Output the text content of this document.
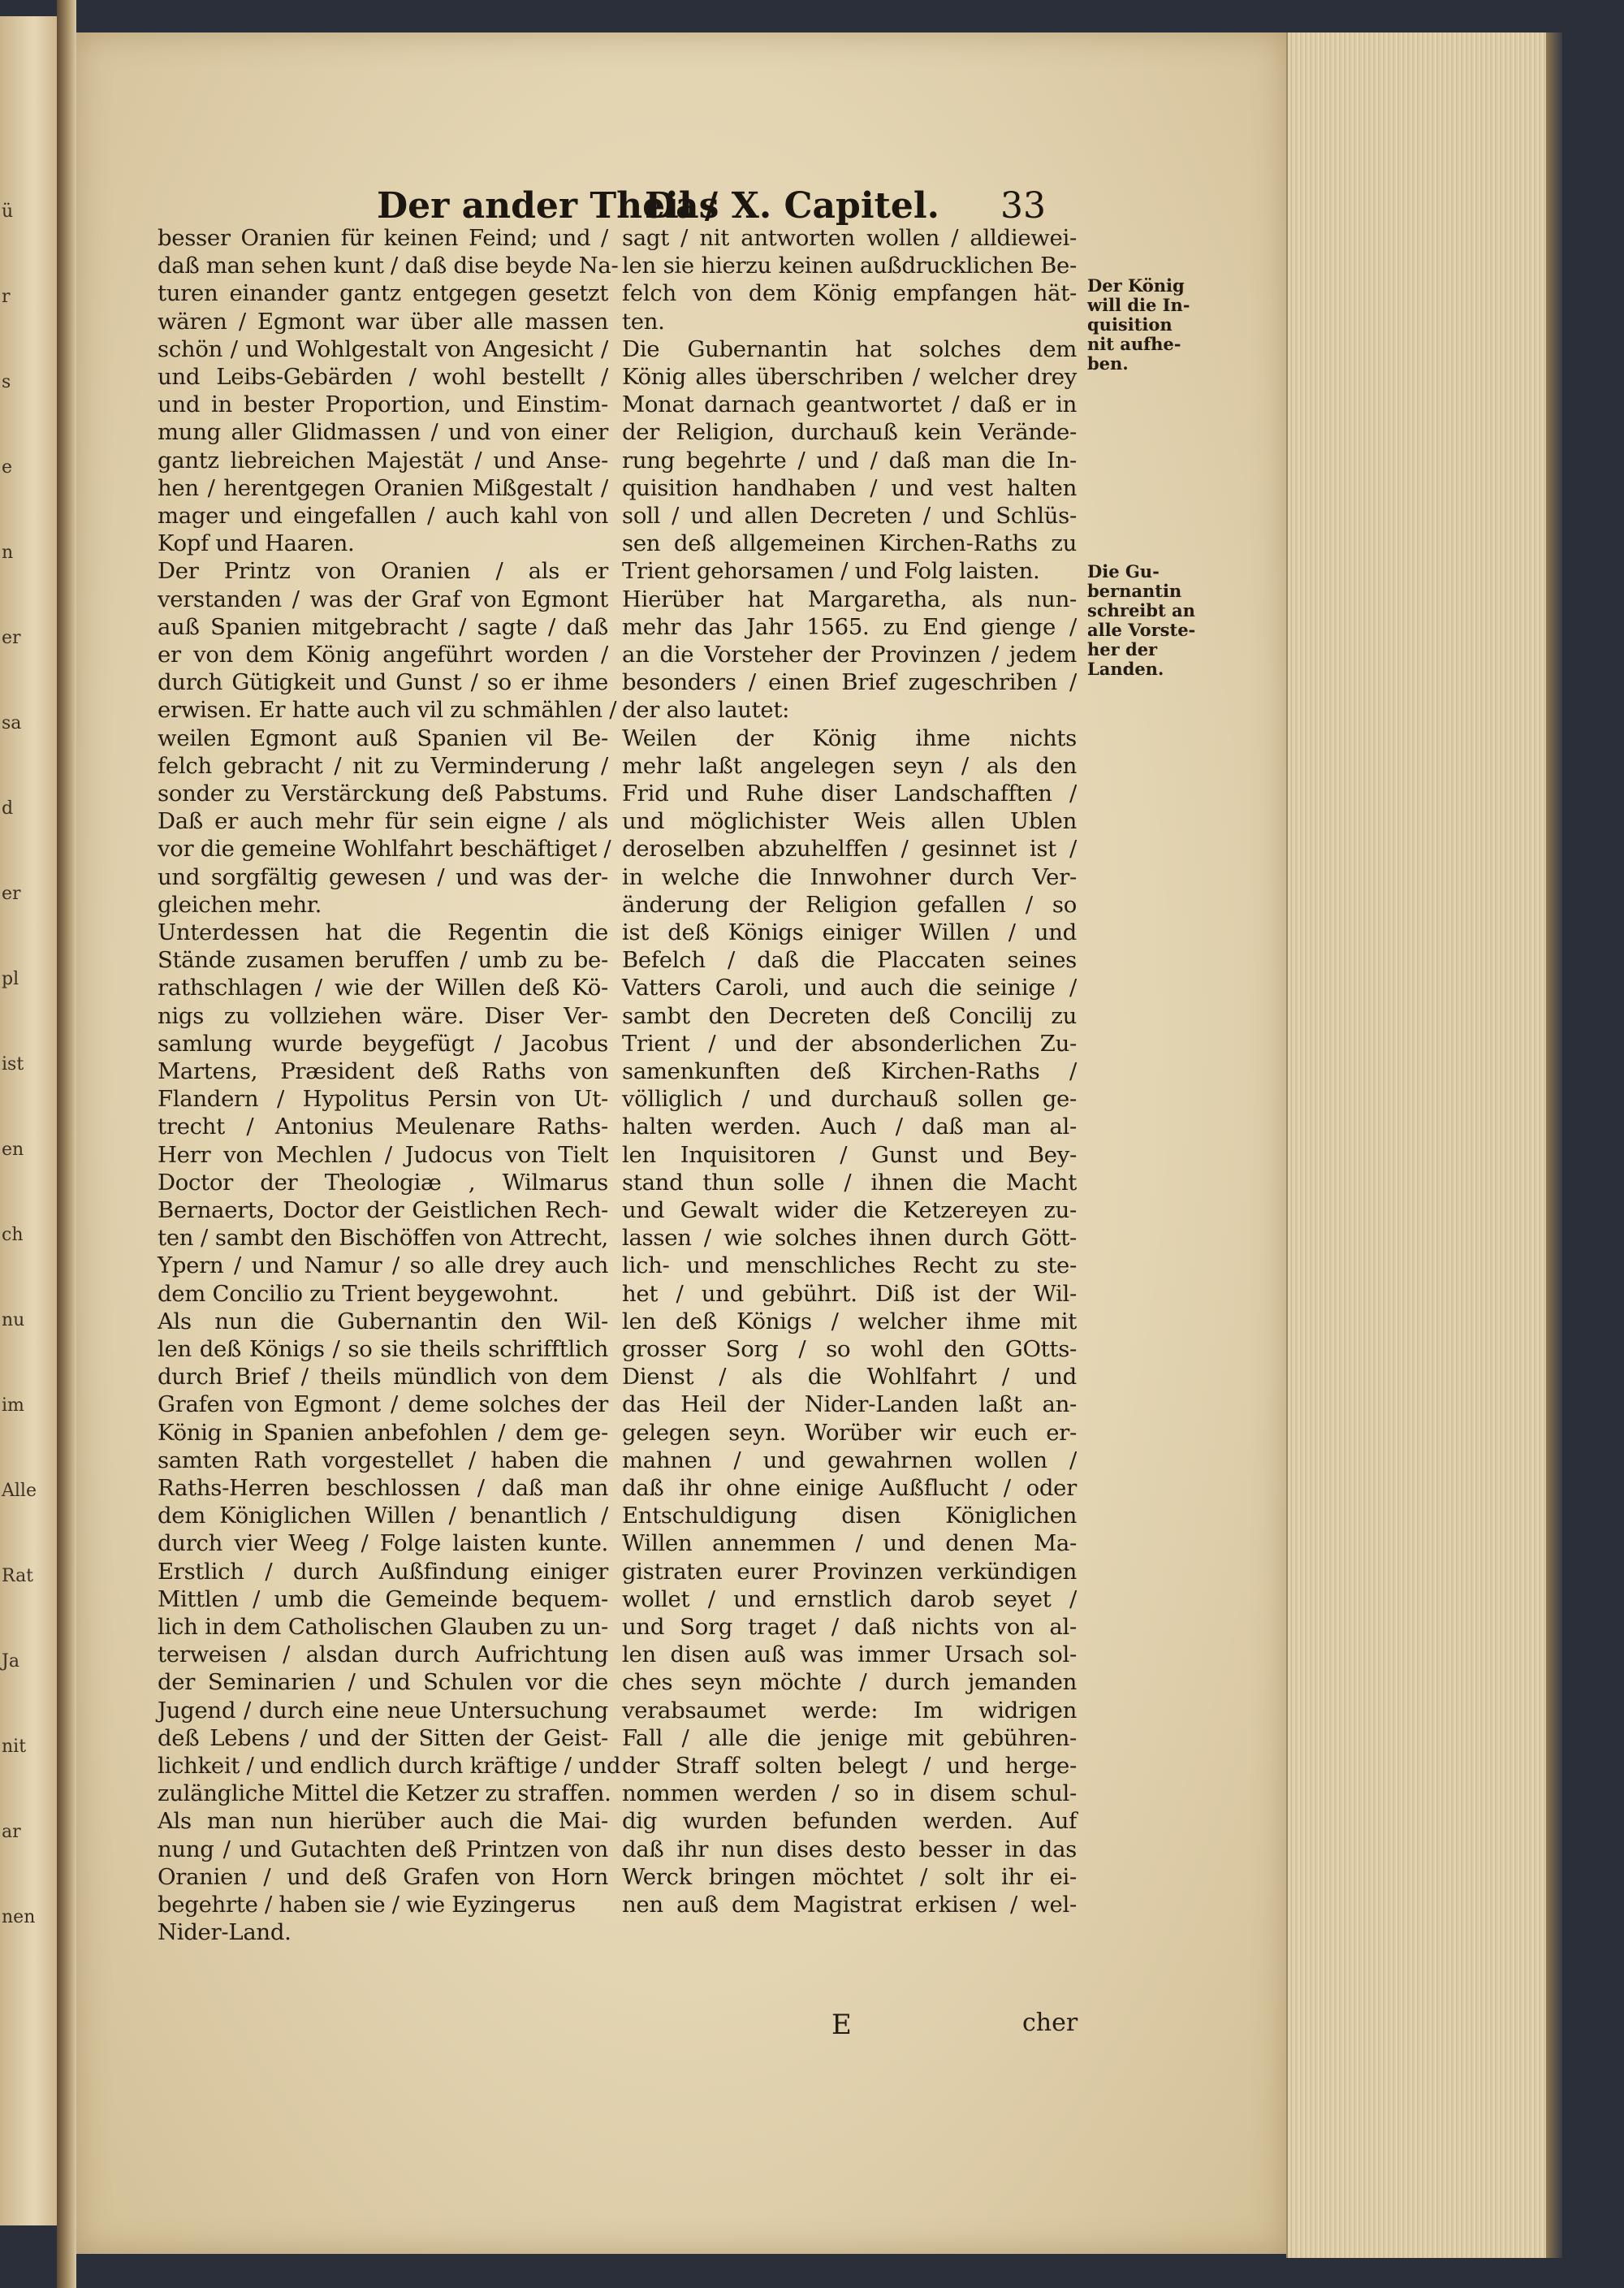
ü
r
s
e
n
er
sa
d
er
pl
ist
en
ch
nu
im
Alle
Rat
Ja
nit
ar
nen
Der ander Theil /
Das X. Capitel. 33
besser Oranien für keinen Feind; und /
daß man sehen kunt / daß dise beyde Na-
turen einander gantz entgegen gesetzt
wären / Egmont war über alle massen
schön / und Wohlgestalt von Angesicht /
und Leibs-Gebärden / wohl bestellt /
und in bester Proportion, und Einstim-
mung aller Glidmassen / und von einer
gantz liebreichen Majestät / und Anse-
hen / herentgegen Oranien Mißgestalt /
mager und eingefallen / auch kahl von
Kopf und Haaren.
Der Printz von Oranien / als er
verstanden / was der Graf von Egmont
auß Spanien mitgebracht / sagte / daß
er von dem König angeführt worden /
durch Gütigkeit und Gunst / so er ihme
erwisen. Er hatte auch vil zu schmählen /
weilen Egmont auß Spanien vil Be-
felch gebracht / nit zu Verminderung /
sonder zu Verstärckung deß Pabstums.
Daß er auch mehr für sein eigne / als
vor die gemeine Wohlfahrt beschäftiget /
und sorgfältig gewesen / und was der-
gleichen mehr.
Unterdessen hat die Regentin die
Stände zusamen beruffen / umb zu be-
rathschlagen / wie der Willen deß Kö-
nigs zu vollziehen wäre. Diser Ver-
samlung wurde beygefügt / Jacobus
Martens, Præsident deß Raths von
Flandern / Hypolitus Persin von Ut-
trecht / Antonius Meulenare Raths-
Herr von Mechlen / Judocus von Tielt
Doctor der Theologiæ , Wilmarus
Bernaerts, Doctor der Geistlichen Rech-
ten / sambt den Bischöffen von Attrecht,
Ypern / und Namur / so alle drey auch
dem Concilio zu Trient beygewohnt.
Als nun die Gubernantin den Wil-
len deß Königs / so sie theils schrifftlich
durch Brief / theils mündlich von dem
Grafen von Egmont / deme solches der
König in Spanien anbefohlen / dem ge-
samten Rath vorgestellet / haben die
Raths-Herren beschlossen / daß man
dem Königlichen Willen / benantlich /
durch vier Weeg / Folge laisten kunte.
Erstlich / durch Außfindung einiger
Mittlen / umb die Gemeinde bequem-
lich in dem Catholischen Glauben zu un-
terweisen / alsdan durch Aufrichtung
der Seminarien / und Schulen vor die
Jugend / durch eine neue Untersuchung
deß Lebens / und der Sitten der Geist-
lichkeit / und endlich durch kräftige / und
zulängliche Mittel die Ketzer zu straffen.
Als man nun hierüber auch die Mai-
nung / und Gutachten deß Printzen von
Oranien / und deß Grafen von Horn
begehrte / haben sie / wie Eyzingerus
Nider-Land.
sagt / nit antworten wollen / alldiewei-
len sie hierzu keinen außdrucklichen Be-
felch von dem König empfangen hät-
ten.
Die Gubernantin hat solches dem
König alles überschriben / welcher drey
Monat darnach geantwortet / daß er in
der Religion, durchauß kein Verände-
rung begehrte / und / daß man die In-
quisition handhaben / und vest halten
soll / und allen Decreten / und Schlüs-
sen deß allgemeinen Kirchen-Raths zu
Trient gehorsamen / und Folg laisten.
Hierüber hat Margaretha, als nun-
mehr das Jahr 1565. zu End gienge /
an die Vorsteher der Provinzen / jedem
besonders / einen Brief zugeschriben /
der also lautet:
Weilen der König ihme nichts
mehr laßt angelegen seyn / als den
Frid und Ruhe diser Landschafften /
und möglichister Weis allen Ublen
deroselben abzuhelffen / gesinnet ist /
in welche die Innwohner durch Ver-
änderung der Religion gefallen / so
ist deß Königs einiger Willen / und
Befelch / daß die Placcaten seines
Vatters Caroli, und auch die seinige /
sambt den Decreten deß Concilij zu
Trient / und der absonderlichen Zu-
samenkunften deß Kirchen-Raths /
völliglich / und durchauß sollen ge-
halten werden. Auch / daß man al-
len Inquisitoren / Gunst und Bey-
stand thun solle / ihnen die Macht
und Gewalt wider die Ketzereyen zu-
lassen / wie solches ihnen durch Gött-
lich- und menschliches Recht zu ste-
het / und gebührt. Diß ist der Wil-
len deß Königs / welcher ihme mit
grosser Sorg / so wohl den GOtts-
Dienst / als die Wohlfahrt / und
das Heil der Nider-Landen laßt an-
gelegen seyn. Worüber wir euch er-
mahnen / und gewahrnen wollen /
daß ihr ohne einige Außflucht / oder
Entschuldigung disen Königlichen
Willen annemmen / und denen Ma-
gistraten eurer Provinzen verkündigen
wollet / und ernstlich darob seyet /
und Sorg traget / daß nichts von al-
len disen auß was immer Ursach sol-
ches seyn möchte / durch jemanden
verabsaumet werde: Im widrigen
Fall / alle die jenige mit gebühren-
der Straff solten belegt / und herge-
nommen werden / so in disem schul-
dig wurden befunden werden. Auf
daß ihr nun dises desto besser in das
Werck bringen möchtet / solt ihr ei-
nen auß dem Magistrat erkisen / wel-
Der König
will die In-
quisition
nit aufhe-
ben.
Die Gu-
bernantin
schreibt an
alle Vorste-
her der
Landen.
E	cher
